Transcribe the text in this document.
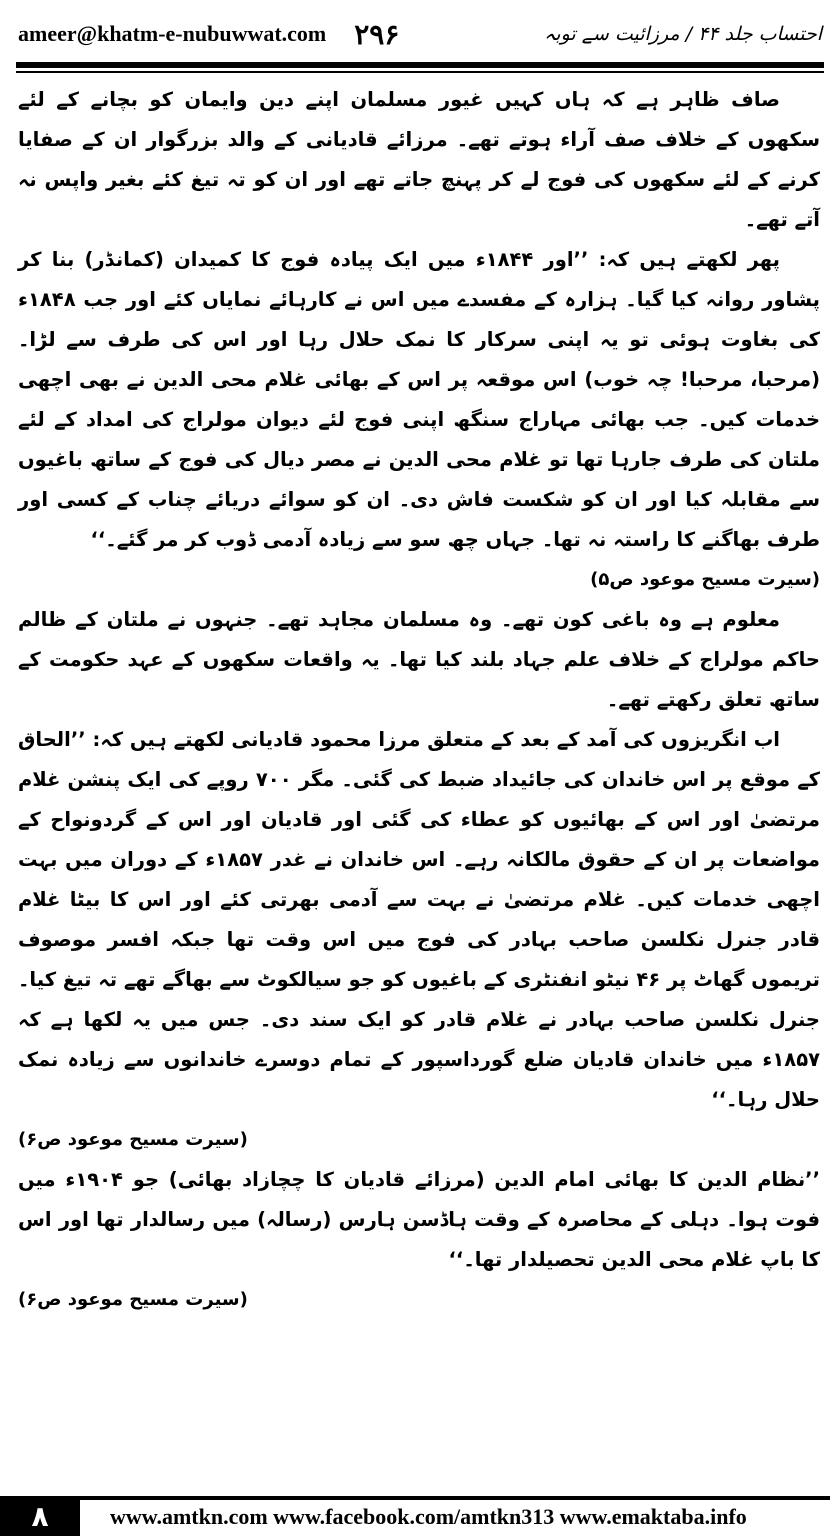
ameer@khatm-e-nubuwwat.com ۲۹۶	احتساب جلد ۴۴ / مرزائیت سے توبہ

صاف ظاہر ہے کہ ہاں کہیں غیور مسلمان اپنے دین وایمان کو بچانے کے لئے سکھوں کے خلاف صف آراء ہوتے تھے۔ مرزائے قادیانی کے والد بزرگوار ان کے صفایا کرنے کے لئے سکھوں کی فوج لے کر پہنچ جاتے تھے اور ان کو تہ تیغ کئے بغیر واپس نہ آتے تھے۔

پھر لکھتے ہیں کہ: ’’اور ۱۸۴۴ء میں ایک پیادہ فوج کا کمیدان (کمانڈر) بنا کر پشاور روانہ کیا گیا۔ ہزارہ کے مفسدے میں اس نے کارہائے نمایاں کئے اور جب ۱۸۴۸ء کی بغاوت ہوئی تو یہ اپنی سرکار کا نمک حلال رہا اور اس کی طرف سے لڑا۔ (مرحبا، مرحبا! چہ خوب) اس موقعہ پر اس کے بھائی غلام محی الدین نے بھی اچھی خدمات کیں۔ جب بھائی مہاراج سنگھ اپنی فوج لئے دیوان مولراج کی امداد کے لئے ملتان کی طرف جارہا تھا تو غلام محی الدین نے مصر دیال کی فوج کے ساتھ باغیوں سے مقابلہ کیا اور ان کو شکست فاش دی۔ ان کو سوائے دریائے چناب کے کسی اور طرف بھاگنے کا راستہ نہ تھا۔ جہاں چھ سو سے زیادہ آدمی ڈوب کر مر گئے۔‘‘

(سیرت مسیح موعود ص۵)

معلوم ہے وہ باغی کون تھے۔ وہ مسلمان مجاہد تھے۔ جنہوں نے ملتان کے ظالم حاکم مولراج کے خلاف علم جہاد بلند کیا تھا۔ یہ واقعات سکھوں کے عہد حکومت کے ساتھ تعلق رکھتے تھے۔

اب انگریزوں کی آمد کے بعد کے متعلق مرزا محمود قادیانی لکھتے ہیں کہ: ’’الحاق کے موقع پر اس خاندان کی جائیداد ضبط کی گئی۔ مگر ۷۰۰ روپے کی ایک پنشن غلام مرتضیٰ اور اس کے بھائیوں کو عطاء کی گئی اور قادیان اور اس کے گردونواح کے مواضعات پر ان کے حقوق مالکانہ رہے۔ اس خاندان نے غدر ۱۸۵۷ء کے دوران میں بہت اچھی خدمات کیں۔ غلام مرتضیٰ نے بہت سے آدمی بھرتی کئے اور اس کا بیٹا غلام قادر جنرل نکلسن صاحب بہادر کی فوج میں اس وقت تھا جبکہ افسر موصوف تریموں گھاٹ پر ۴۶ نیٹو انفنٹری کے باغیوں کو جو سیالکوٹ سے بھاگے تھے تہ تیغ کیا۔ جنرل نکلسن صاحب بہادر نے غلام قادر کو ایک سند دی۔ جس میں یہ لکھا ہے کہ ۱۸۵۷ء میں خاندان قادیان ضلع گورداسپور کے تمام دوسرے خاندانوں سے زیادہ نمک حلال رہا۔‘‘

(سیرت مسیح موعود ص۶)

’’نظام الدین کا بھائی امام الدین (مرزائے قادیان کا چچازاد بھائی) جو ۱۹۰۴ء میں فوت ہوا۔ دہلی کے محاصرہ کے وقت ہاڈسن ہارس (رسالہ) میں رسالدار تھا اور اس کا باپ غلام محی الدین تحصیلدار تھا۔‘‘

(سیرت مسیح موعود ص۶)

۸	www.amtkn.com www.facebook.com/amtkn313 www.emaktaba.info
